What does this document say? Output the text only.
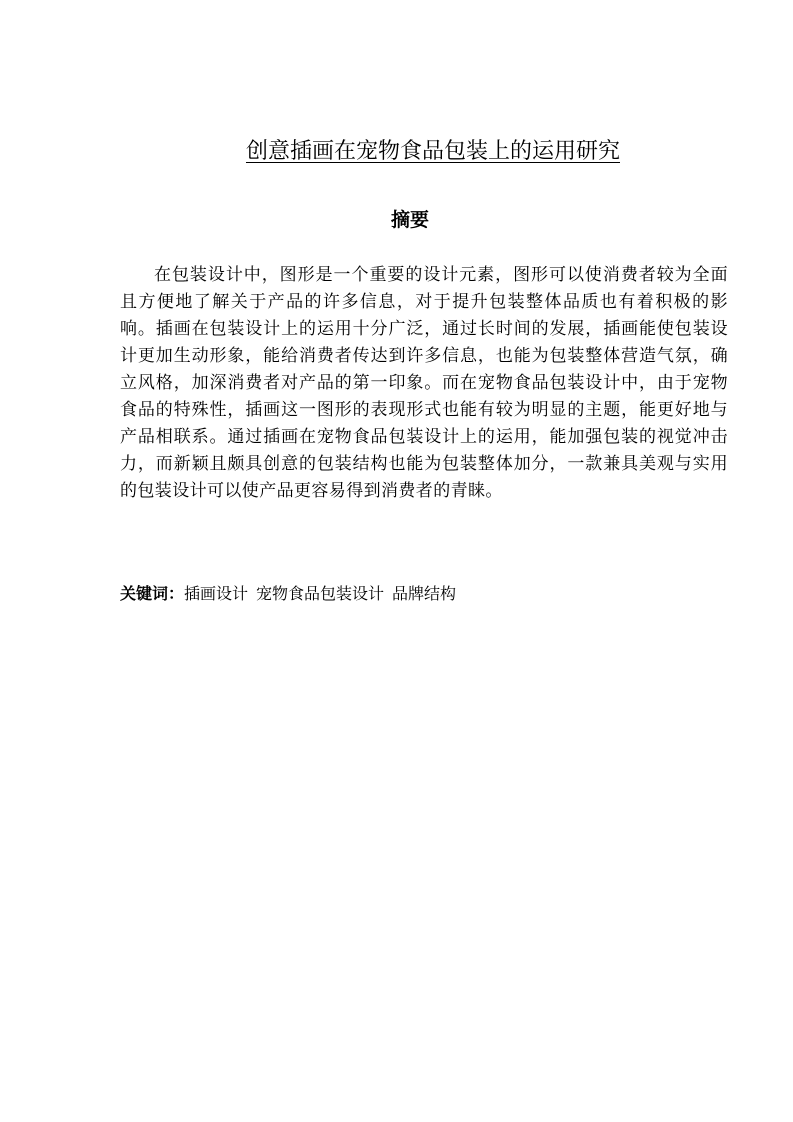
创意插画在宠物食品包装上的运用研究
摘要

在包装设计中，图形是一个重要的设计元素，图形可以使消费者较为全面且方便地了解关于产品的许多信息，对于提升包装整体品质也有着积极的影响。插画在包装设计上的运用十分广泛，通过长时间的发展，插画能使包装设计更加生动形象，能给消费者传达到许多信息，也能为包装整体营造气氛，确立风格，加深消费者对产品的第一印象。而在宠物食品包装设计中，由于宠物食品的特殊性，插画这一图形的表现形式也能有较为明显的主题，能更好地与产品相联系。通过插画在宠物食品包装设计上的运用，能加强包装的视觉冲击力，而新颖且颇具创意的包装结构也能为包装整体加分，一款兼具美观与实用的包装设计可以使产品更容易得到消费者的青睐。

关键词：插画设计 宠物食品包装设计 品牌结构
